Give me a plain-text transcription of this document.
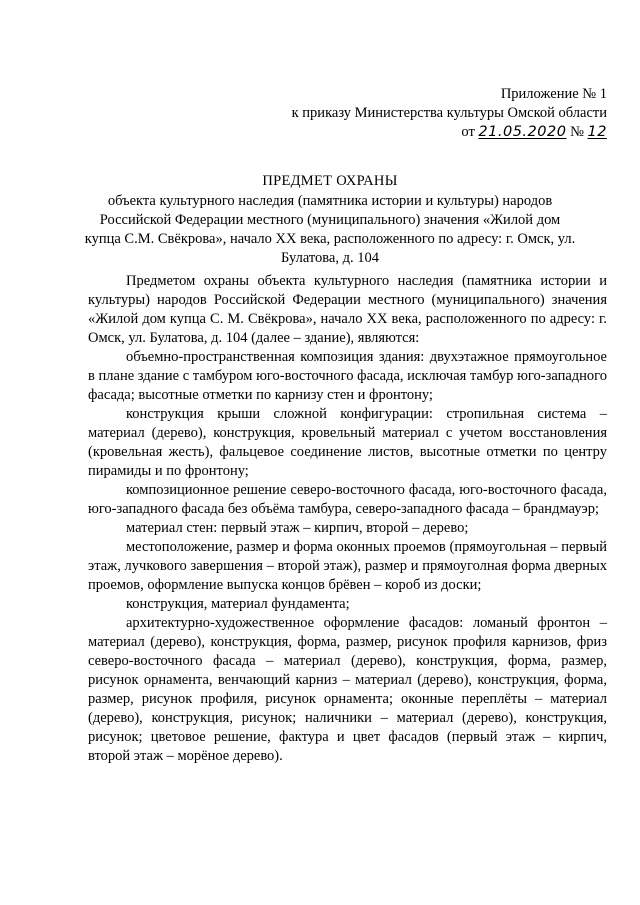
Приложение № 1
к приказу Министерства культуры Омской области
от 21.05.2020 № 12
ПРЕДМЕТ ОХРАНЫ
объекта культурного наследия (памятника истории и культуры) народов Российской Федерации местного (муниципального) значения «Жилой дом купца С.М. Свёкрова», начало XX века, расположенного по адресу: г. Омск, ул. Булатова, д. 104

Предметом охраны объекта культурного наследия (памятника истории и культуры) народов Российской Федерации местного (муниципального) значения «Жилой дом купца С. М. Свёкрова», начало XX века, расположенного по адресу: г. Омск, ул. Булатова, д. 104 (далее – здание), являются:

объемно-пространственная композиция здания: двухэтажное прямоугольное в плане здание с тамбуром юго-восточного фасада, исключая тамбур юго-западного фасада; высотные отметки по карнизу стен и фронтону;

конструкция крыши сложной конфигурации: стропильная система – материал (дерево), конструкция, кровельный материал с учетом восстановления (кровельная жесть), фальцевое соединение листов, высотные отметки по центру пирамиды и по фронтону;

композиционное решение северо-восточного фасада, юго-восточного фасада, юго-западного фасада без объёма тамбура, северо-западного фасада – брандмауэр;

материал стен: первый этаж – кирпич, второй – дерево;

местоположение, размер и форма оконных проемов (прямоугольная – первый этаж, лучкового завершения – второй этаж), размер и прямоуголная форма дверных проемов, оформление выпуска концов брёвен – короб из доски;

конструкция, материал фундамента;

архитектурно-художественное оформление фасадов: ломаный фронтон – материал (дерево), конструкция, форма, размер, рисунок профиля карнизов, фриз северо-восточного фасада – материал (дерево), конструкция, форма, размер, рисунок орнамента, венчающий карниз – материал (дерево), конструкция, форма, размер, рисунок профиля, рисунок орнамента; оконные переплёты – материал (дерево), конструкция, рисунок; наличники – материал (дерево), конструкция, рисунок; цветовое решение, фактура и цвет фасадов (первый этаж – кирпич, второй этаж – морёное дерево).
